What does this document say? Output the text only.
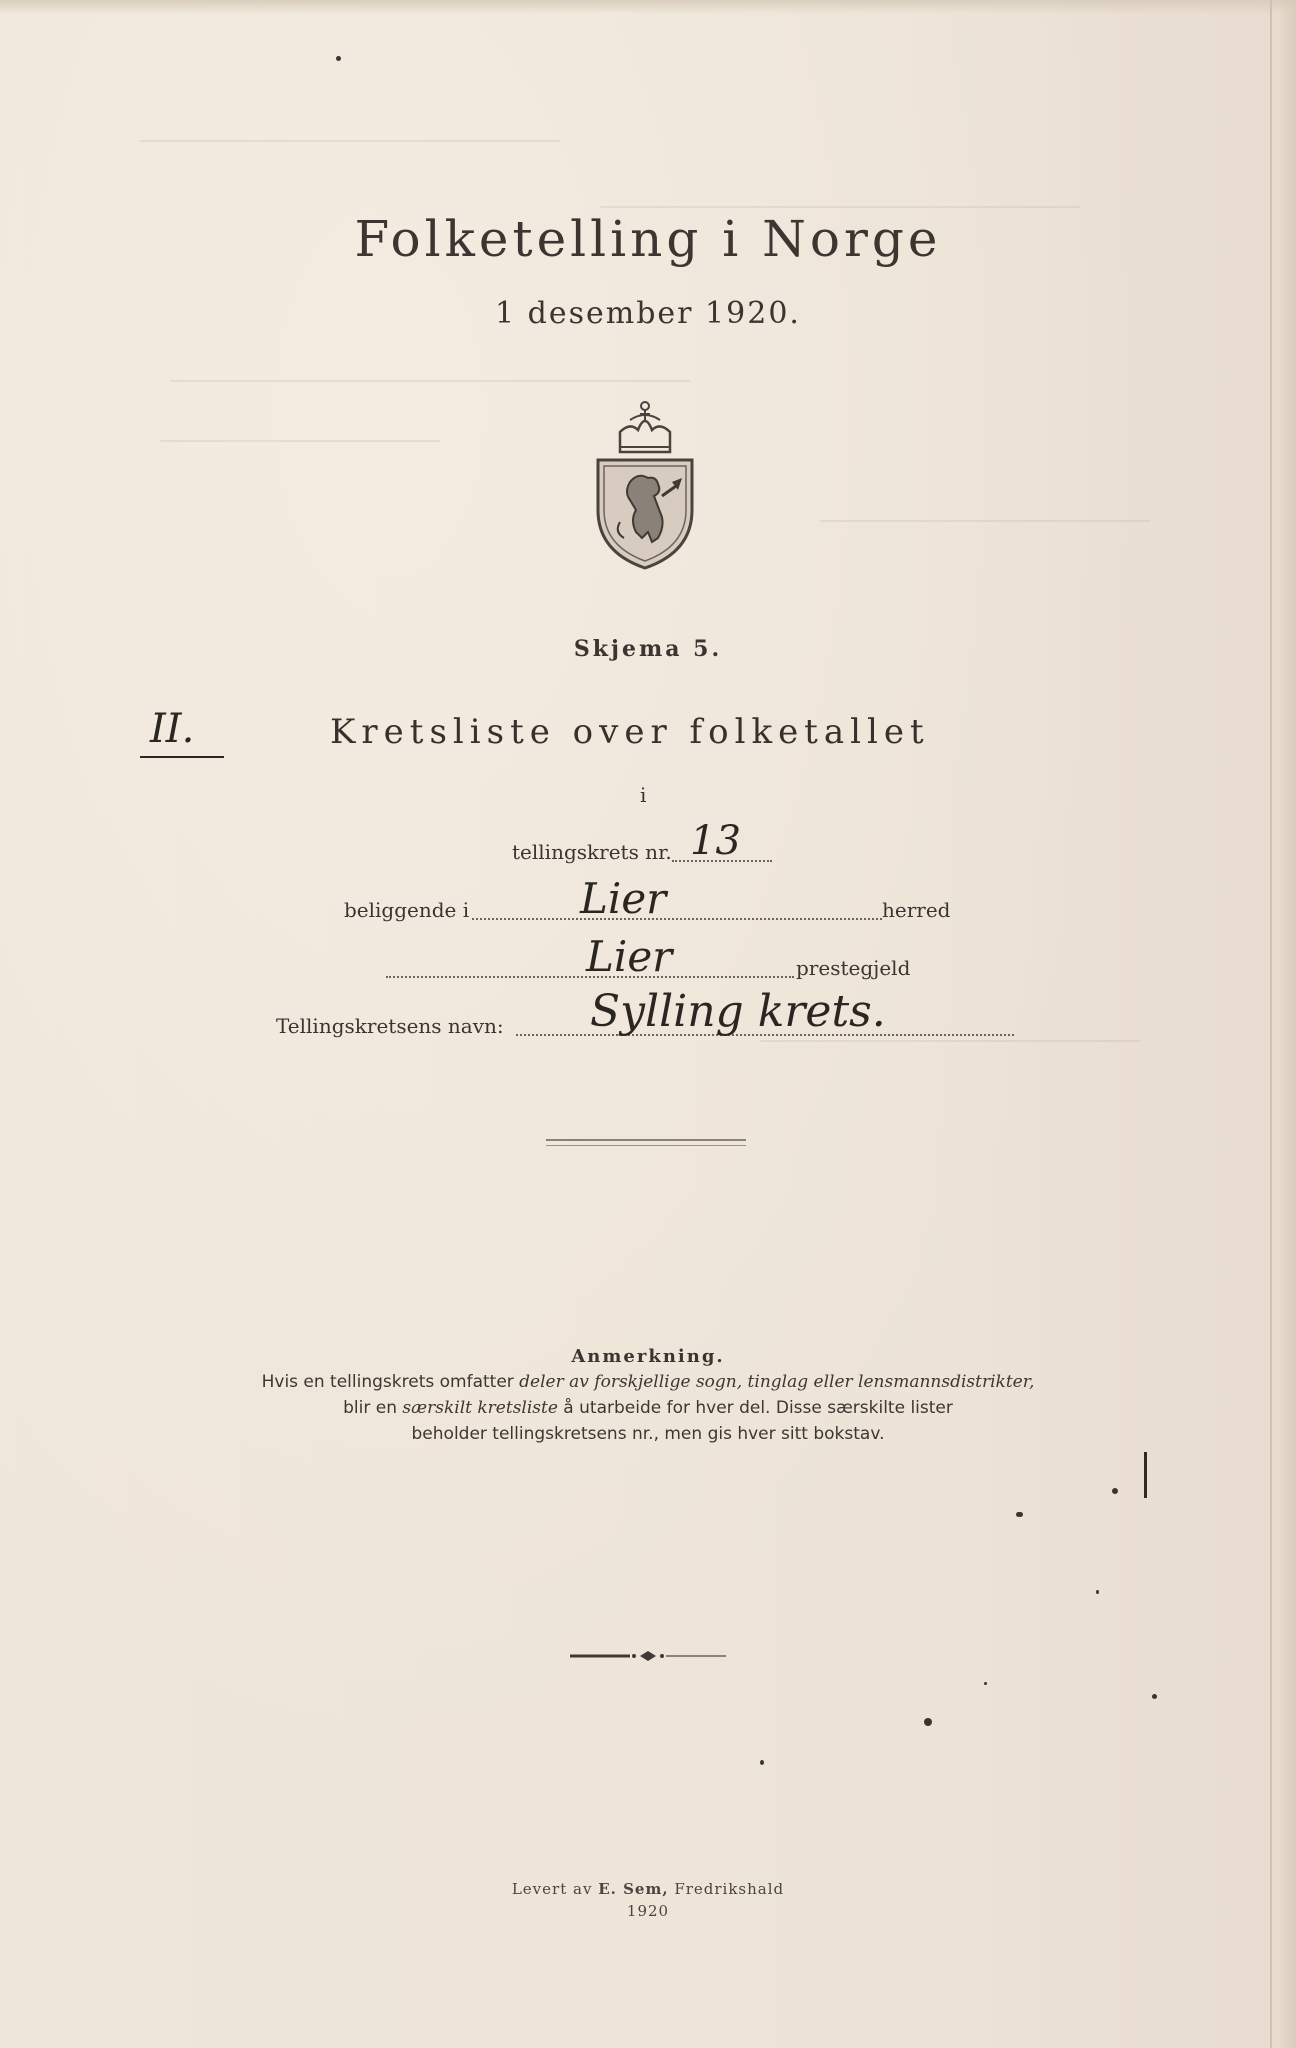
Folketelling i Norge
1 desember 1920.
Skjema 5.
II.	Kretsliste over folketallet
i
tellingskrets nr. 13
beliggende i	Lier	herred
Lier	prestegjeld
Tellingskretsens navn: Sylling krets.
Anmerkning.
Hvis en tellingskrets omfatter deler av forskjellige sogn, tinglag eller lensmannsdistrikter,
blir en særskilt kretsliste å utarbeide for hver del. Disse særskilte lister
beholder tellingskretsens nr., men gis hver sitt bokstav.
Levert av E. Sem, Fredrikshald
1920
